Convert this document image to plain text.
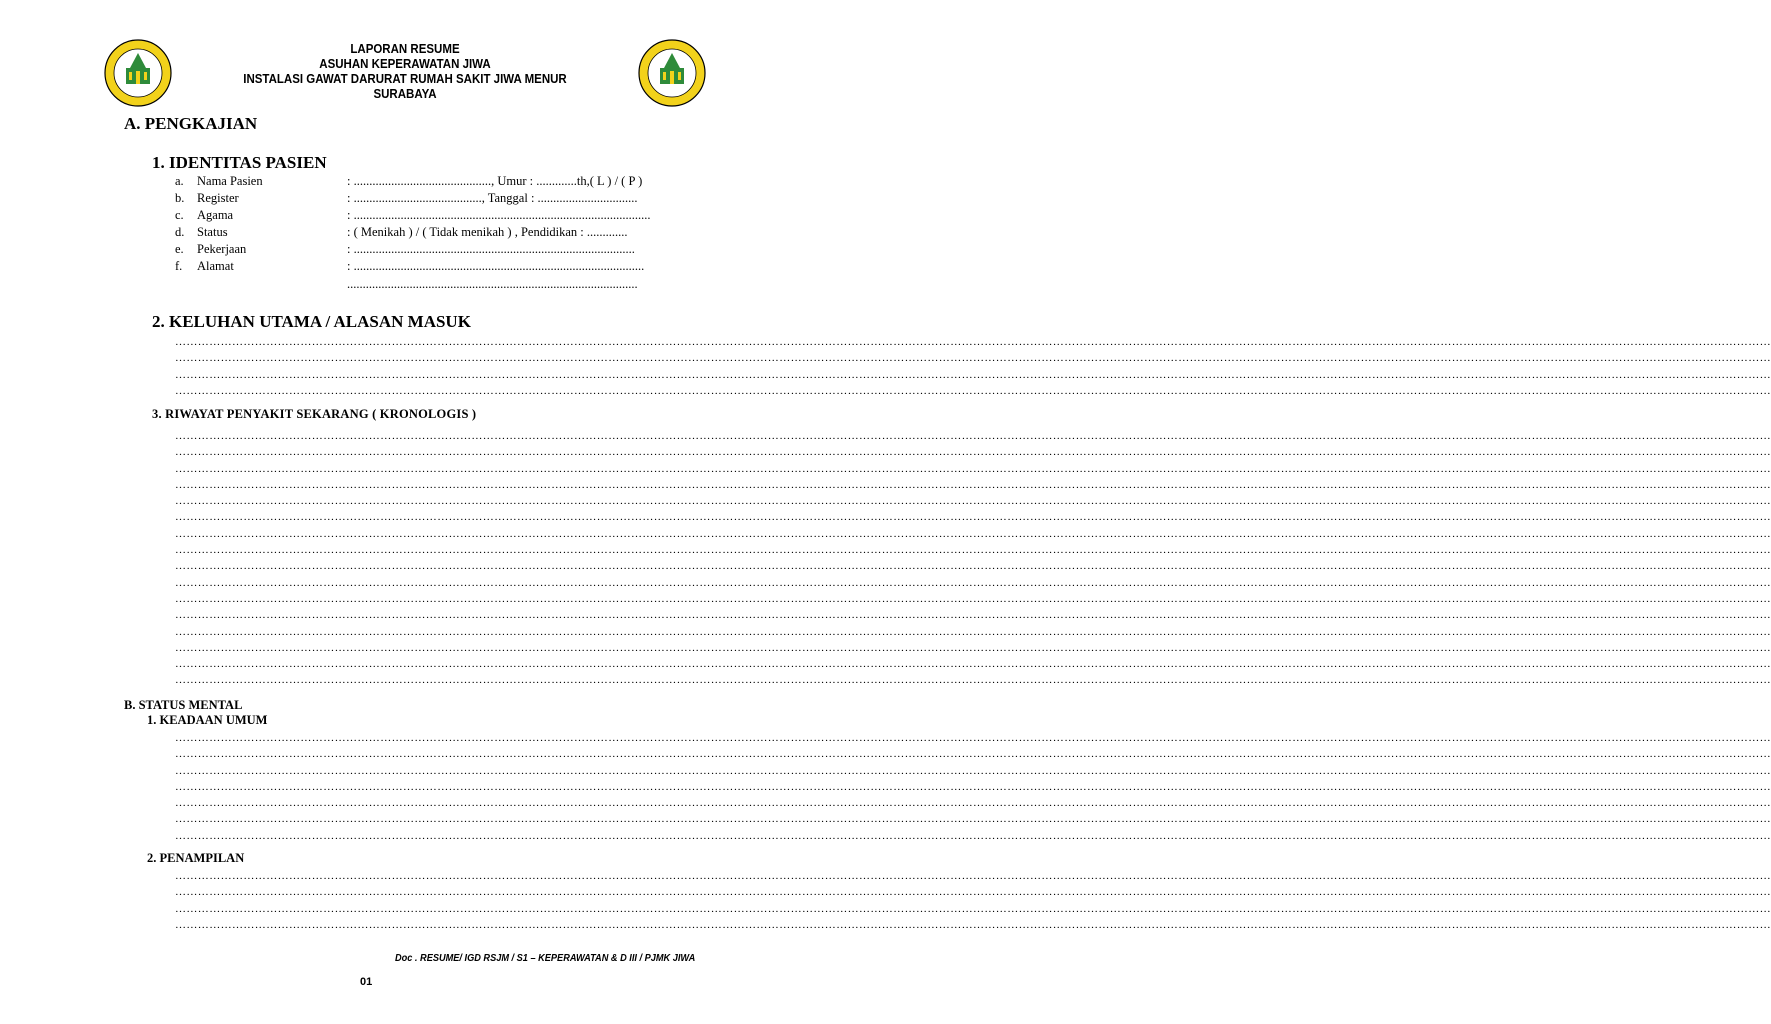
LAPORAN RESUME
ASUHAN KEPERAWATAN JIWA
INSTALASI GAWAT DARURAT RUMAH SAKIT JIWA MENUR
SURABAYA
A. PENGKAJIAN
1. IDENTITAS PASIEN
a. Nama Pasien	: ............................................, Umur : .............th,( L ) / ( P )
b. Register	: ........................................., Tanggal : ................................
c. Agama	: ...............................................................................................
d. Status	: ( Menikah ) / ( Tidak menikah ) , Pendidikan : .............
e. Pekerjaan	: ..........................................................................................
f. Alamat	: .............................................................................................
.............................................................................................
2. KELUHAN UTAMA / ALASAN MASUK
……………………………………………………………………………………………………………………………………………………………………………………………………………………………………………………………………………………………………………………………………………………………………………………
……………………………………………………………………………………………………………………………………………………………………………………………………………………………………………………………………………………………………………………………………………………………………………………
……………………………………………………………………………………………………………………………………………………………………………………………………………………………………………………………………………………………………………………………………………………………………………………
……………………………………………………………………………………………………………………………………………………………………………………………………………………………………………………………………………………………………………………………………………………………………………………
3. RIWAYAT PENYAKIT SEKARANG ( KRONOLOGIS )
……………………………………………………………………………………………………………………………………………………………………………………………………………………………………………………………………………………………………………………………………………………………………………………
……………………………………………………………………………………………………………………………………………………………………………………………………………………………………………………………………………………………………………………………………………………………………………………
……………………………………………………………………………………………………………………………………………………………………………………………………………………………………………………………………………………………………………………………………………………………………………………
……………………………………………………………………………………………………………………………………………………………………………………………………………………………………………………………………………………………………………………………………………………………………………………
……………………………………………………………………………………………………………………………………………………………………………………………………………………………………………………………………………………………………………………………………………………………………………………
……………………………………………………………………………………………………………………………………………………………………………………………………………………………………………………………………………………………………………………………………………………………………………………
……………………………………………………………………………………………………………………………………………………………………………………………………………………………………………………………………………………………………………………………………………………………………………………
……………………………………………………………………………………………………………………………………………………………………………………………………………………………………………………………………………………………………………………………………………………………………………………
……………………………………………………………………………………………………………………………………………………………………………………………………………………………………………………………………………………………………………………………………………………………………………………
……………………………………………………………………………………………………………………………………………………………………………………………………………………………………………………………………………………………………………………………………………………………………………………
……………………………………………………………………………………………………………………………………………………………………………………………………………………………………………………………………………………………………………………………………………………………………………………
……………………………………………………………………………………………………………………………………………………………………………………………………………………………………………………………………………………………………………………………………………………………………………………
……………………………………………………………………………………………………………………………………………………………………………………………………………………………………………………………………………………………………………………………………………………………………………………
……………………………………………………………………………………………………………………………………………………………………………………………………………………………………………………………………………………………………………………………………………………………………………………
……………………………………………………………………………………………………………………………………………………………………………………………………………………………………………………………………………………………………………………………………………………………………………………
……………………………………………………………………………………………………………………………………………………………………………………………………………………………………………………………………………………………………………………………………………………………………………………
B. STATUS MENTAL
1. KEADAAN UMUM
……………………………………………………………………………………………………………………………………………………………………………………………………………………………………………………………………………………………………………………………………………………………………………………
……………………………………………………………………………………………………………………………………………………………………………………………………………………………………………………………………………………………………………………………………………………………………………………
……………………………………………………………………………………………………………………………………………………………………………………………………………………………………………………………………………………………………………………………………………………………………………………
……………………………………………………………………………………………………………………………………………………………………………………………………………………………………………………………………………………………………………………………………………………………………………………
……………………………………………………………………………………………………………………………………………………………………………………………………………………………………………………………………………………………………………………………………………………………………………………
……………………………………………………………………………………………………………………………………………………………………………………………………………………………………………………………………………………………………………………………………………………………………………………
……………………………………………………………………………………………………………………………………………………………………………………………………………………………………………………………………………………………………………………………………………………………………………………
2. PENAMPILAN
……………………………………………………………………………………………………………………………………………………………………………………………………………………………………………………………………………………………………………………………………………………………………………………
……………………………………………………………………………………………………………………………………………………………………………………………………………………………………………………………………………………………………………………………………………………………………………………
……………………………………………………………………………………………………………………………………………………………………………………………………………………………………………………………………………………………………………………………………………………………………………………
……………………………………………………………………………………………………………………………………………………………………………………………………………………………………………………………………………………………………………………………………………………………………………………
Doc . RESUME/ IGD RSJM / S1 – KEPERAWATAN & D III / PJMK JIWA
01
